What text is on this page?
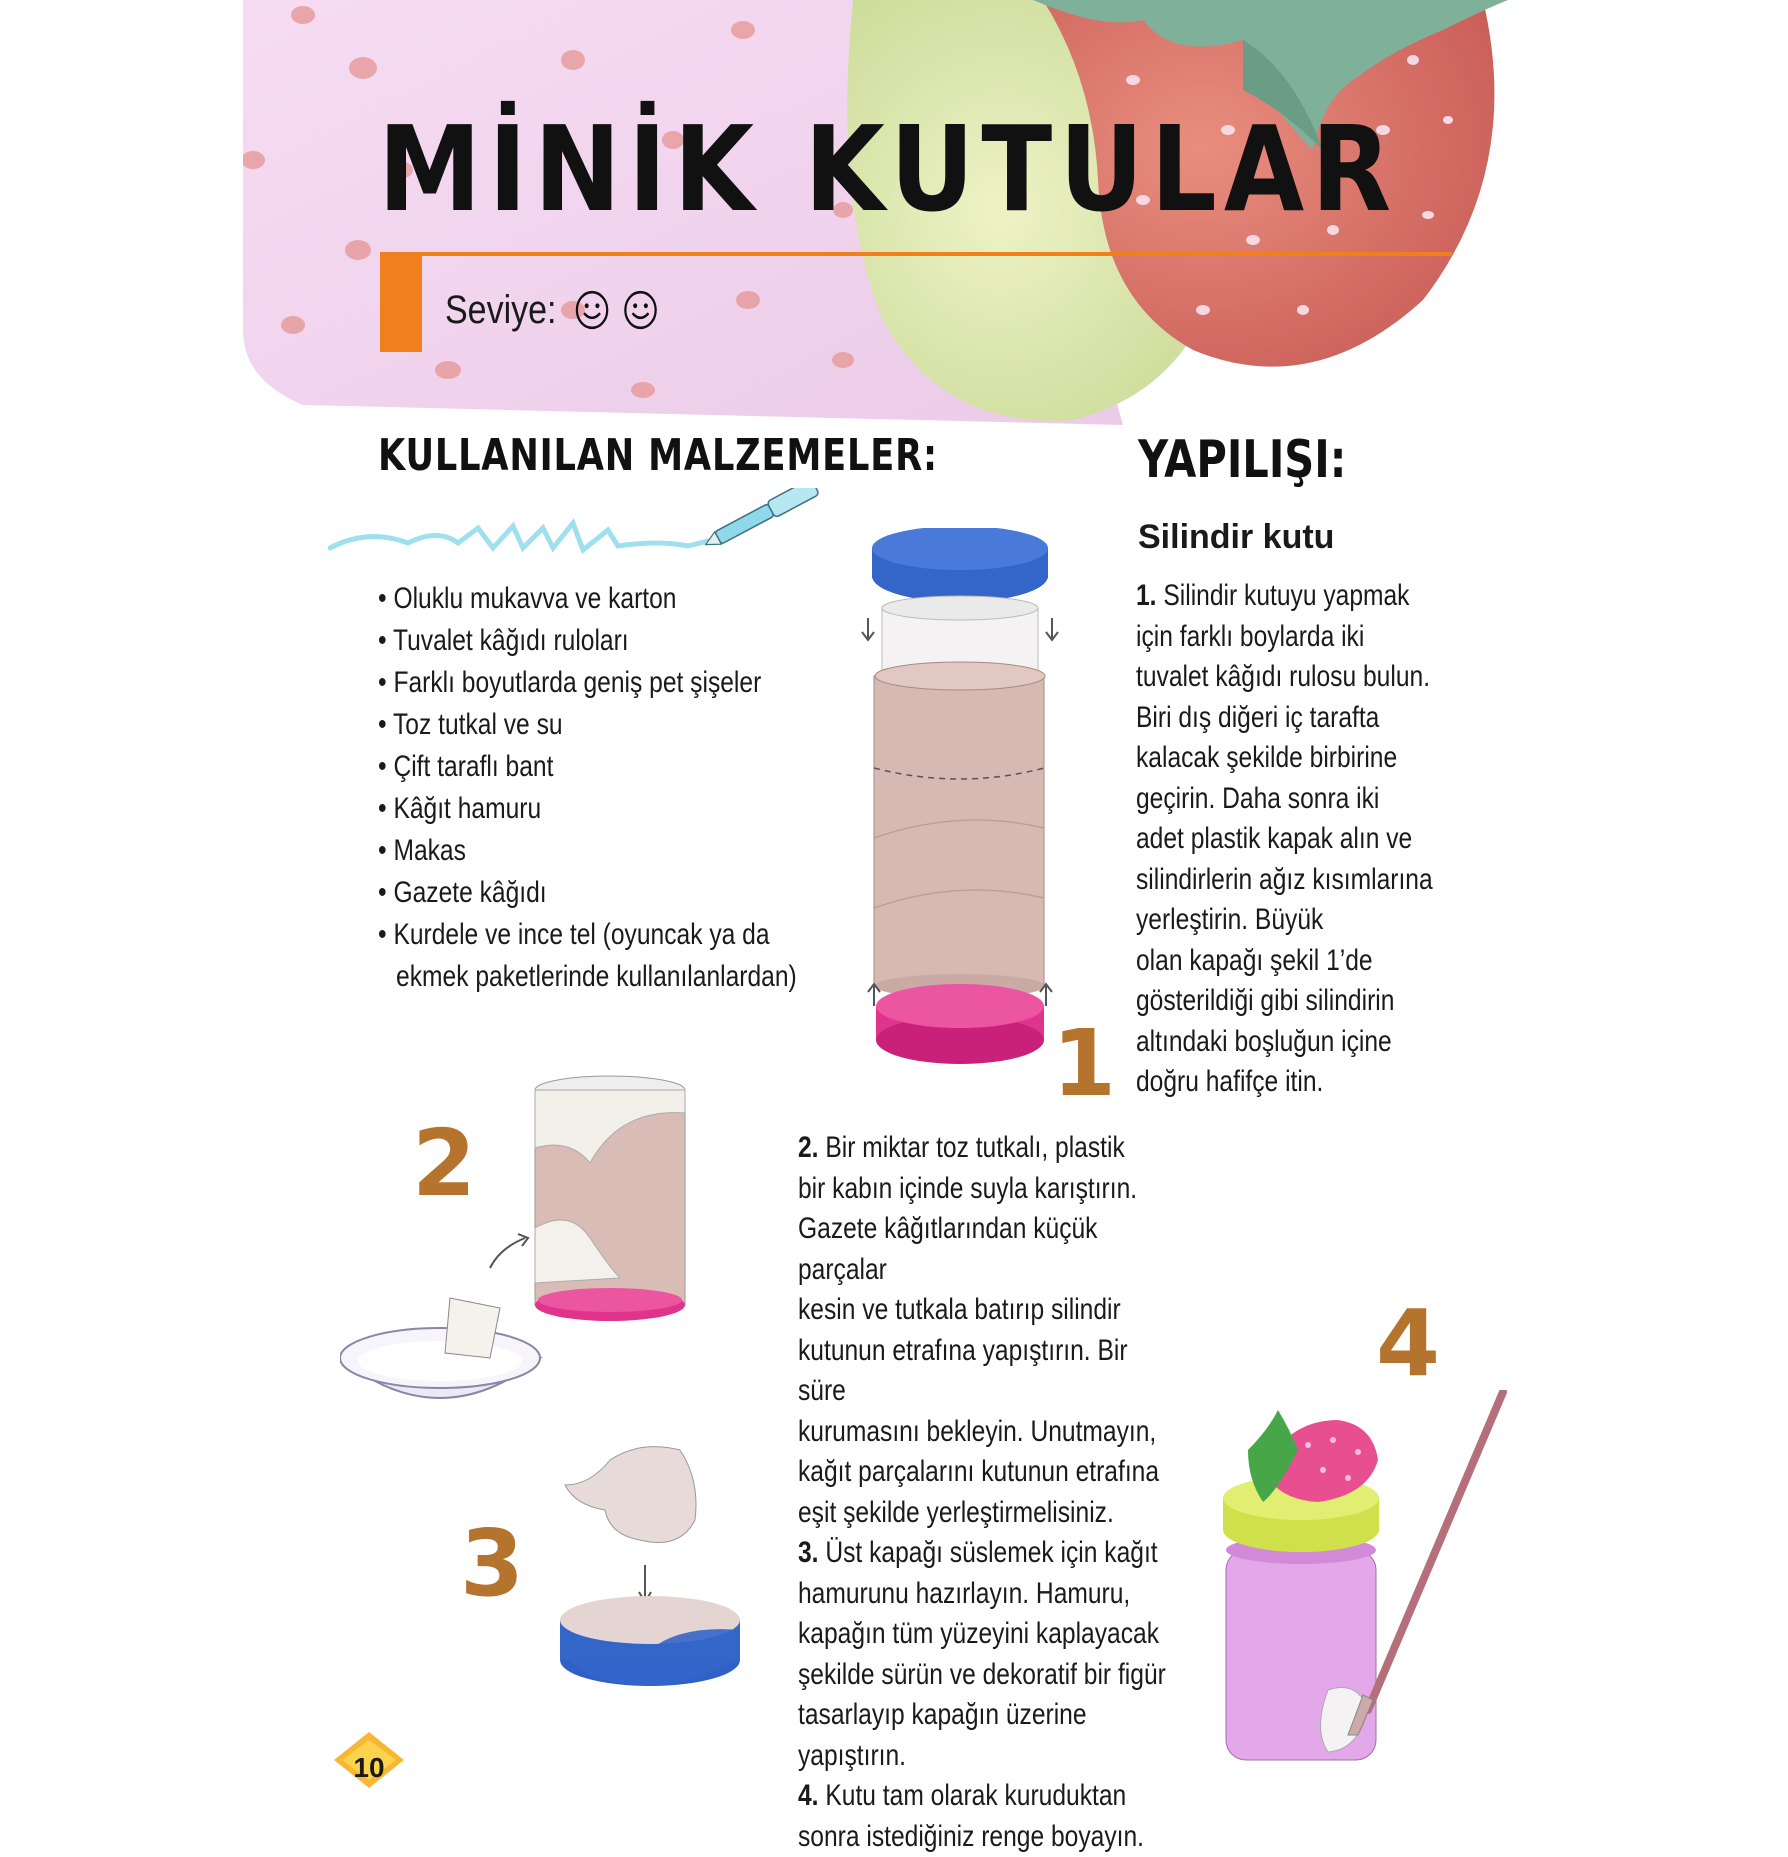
MİNİK KUTULAR
Seviye:
KULLANILAN MALZEMELER:
• Oluklu mukavva ve karton
• Tuvalet kâğıdı ruloları
• Farklı boyutlarda geniş pet şişeler
• Toz tutkal ve su
• Çift taraflı bant
• Kâğıt hamuru
• Makas
• Gazete kâğıdı
• Kurdele ve ince tel (oyuncak ya da
ekmek paketlerinde kullanılanlardan)
YAPILIŞI:
Silindir kutu
1. Silindir kutuyu yapmak
için farklı boylarda iki
tuvalet kâğıdı rulosu bulun.
Biri dış diğeri iç tarafta
kalacak şekilde birbirine
geçirin. Daha sonra iki
adet plastik kapak alın ve
silindirlerin ağız kısımlarına
yerleştirin. Büyük
olan kapağı şekil 1’de
gösterildiği gibi silindirin
altındaki boşluğun içine
doğru hafifçe itin.
2. Bir miktar toz tutkalı, plastik
bir kabın içinde suyla karıştırın.
Gazete kâğıtlarından küçük parçalar
kesin ve tutkala batırıp silindir
kutunun etrafına yapıştırın. Bir süre
kurumasını bekleyin. Unutmayın,
kağıt parçalarını kutunun etrafına
eşit şekilde yerleştirmelisiniz.
3. Üst kapağı süslemek için kağıt
hamurunu hazırlayın. Hamuru,
kapağın tüm yüzeyini kaplayacak
şekilde sürün ve dekoratif bir figür
tasarlayıp kapağın üzerine yapıştırın.
4. Kutu tam olarak kuruduktan
sonra istediğiniz renge boyayın.
1
2
3
4
10
